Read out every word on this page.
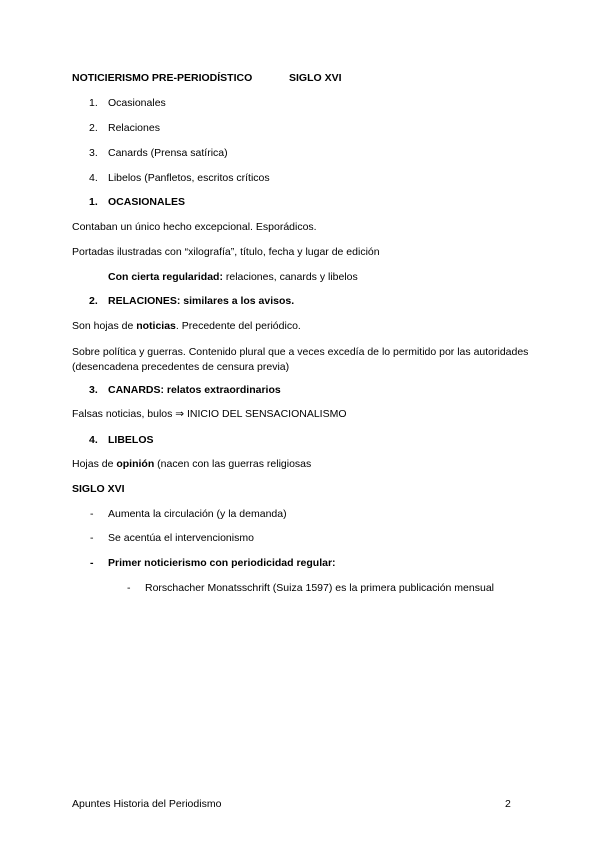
NOTICIERISMO PRE-PERIODÍSTICO	SIGLO XVI
1. Ocasionales
2. Relaciones
3. Canards (Prensa satírica)
4. Libelos (Panfletos, escritos críticos
1. OCASIONALES
Contaban un único hecho excepcional. Esporádicos.
Portadas ilustradas con “xilografía”, título, fecha y lugar de edición
Con cierta regularidad: relaciones, canards y libelos
2. RELACIONES: similares a los avisos.
Son hojas de noticias. Precedente del periódico.
Sobre política y guerras. Contenido plural que a veces excedía de lo permitido por las autoridades (desencadena precedentes de censura previa)
3. CANARDS: relatos extraordinarios
Falsas noticias, bulos ⇒ INICIO DEL SENSACIONALISMO
4. LIBELOS
Hojas de opinión (nacen con las guerras religiosas
SIGLO XVI
- Aumenta la circulación (y la demanda)
- Se acentúa el intervencionismo
- Primer noticierismo con periodicidad regular:
- Rorschacher Monatsschrift (Suiza 1597) es la primera publicación mensual
Apuntes Historia del Periodismo	2
